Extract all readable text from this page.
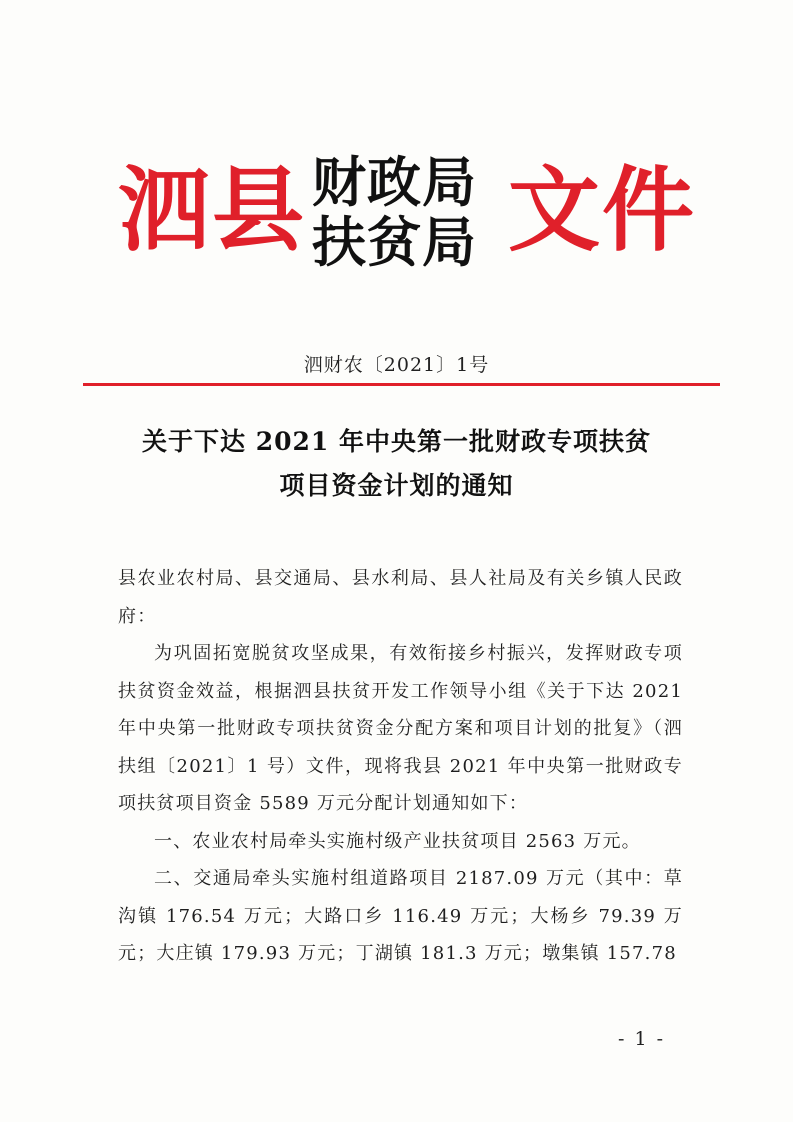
泗县 财政局
扶贫局 文件
泗财农〔2021〕1号
关于下达 2021 年中央第一批财政专项扶贫
项目资金计划的通知

县农业农村局、县交通局、县水利局、县人社局及有关乡镇人民政府：

为巩固拓宽脱贫攻坚成果，有效衔接乡村振兴，发挥财政专项扶贫资金效益，根据泗县扶贫开发工作领导小组《关于下达 2021 年中央第一批财政专项扶贫资金分配方案和项目计划的批复》（泗扶组〔2021〕1 号）文件，现将我县 2021 年中央第一批财政专项扶贫项目资金 5589 万元分配计划通知如下：

一、农业农村局牵头实施村级产业扶贫项目 2563 万元。

二、交通局牵头实施村组道路项目 2187.09 万元（其中：草沟镇 176.54 万元；大路口乡 116.49 万元；大杨乡 79.39 万元；大庄镇 179.93 万元；丁湖镇 181.3 万元；墩集镇 157.78

- 1 -
